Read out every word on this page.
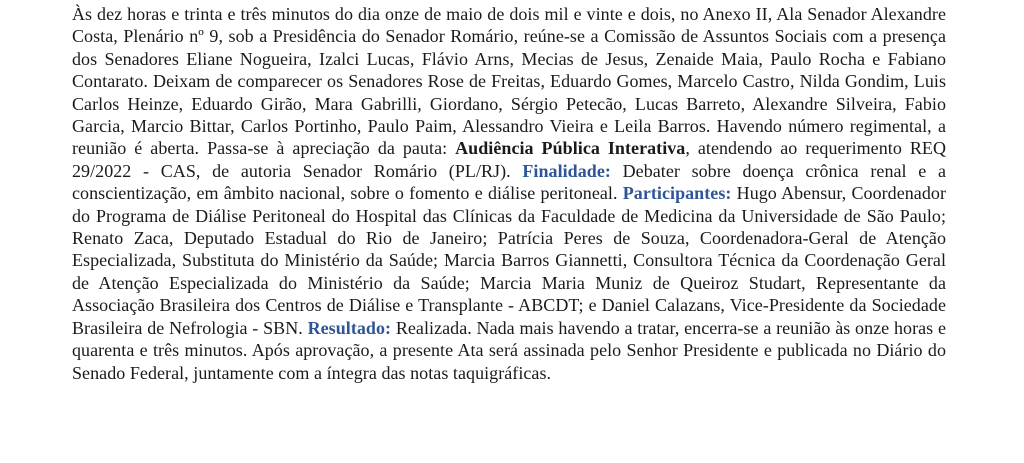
Às dez horas e trinta e três minutos do dia onze de maio de dois mil e vinte e dois, no Anexo II, Ala Senador Alexandre Costa, Plenário nº 9, sob a Presidência do Senador Romário, reúne-se a Comissão de Assuntos Sociais com a presença dos Senadores Eliane Nogueira, Izalci Lucas, Flávio Arns, Mecias de Jesus, Zenaide Maia, Paulo Rocha e Fabiano Contarato. Deixam de comparecer os Senadores Rose de Freitas, Eduardo Gomes, Marcelo Castro, Nilda Gondim, Luis Carlos Heinze, Eduardo Girão, Mara Gabrilli, Giordano, Sérgio Petecão, Lucas Barreto, Alexandre Silveira, Fabio Garcia, Marcio Bittar, Carlos Portinho, Paulo Paim, Alessandro Vieira e Leila Barros. Havendo número regimental, a reunião é aberta. Passa-se à apreciação da pauta: Audiência Pública Interativa, atendendo ao requerimento REQ 29/2022 - CAS, de autoria Senador Romário (PL/RJ). Finalidade: Debater sobre doença crônica renal e a conscientização, em âmbito nacional, sobre o fomento e diálise peritoneal. Participantes: Hugo Abensur, Coordenador do Programa de Diálise Peritoneal do Hospital das Clínicas da Faculdade de Medicina da Universidade de São Paulo; Renato Zaca, Deputado Estadual do Rio de Janeiro; Patrícia Peres de Souza, Coordenadora-Geral de Atenção Especializada, Substituta do Ministério da Saúde; Marcia Barros Giannetti, Consultora Técnica da Coordenação Geral de Atenção Especializada do Ministério da Saúde; Marcia Maria Muniz de Queiroz Studart, Representante da Associação Brasileira dos Centros de Diálise e Transplante - ABCDT; e Daniel Calazans, Vice-Presidente da Sociedade Brasileira de Nefrologia - SBN. Resultado: Realizada. Nada mais havendo a tratar, encerra-se a reunião às onze horas e quarenta e três minutos. Após aprovação, a presente Ata será assinada pelo Senhor Presidente e publicada no Diário do Senado Federal, juntamente com a íntegra das notas taquigráficas.
